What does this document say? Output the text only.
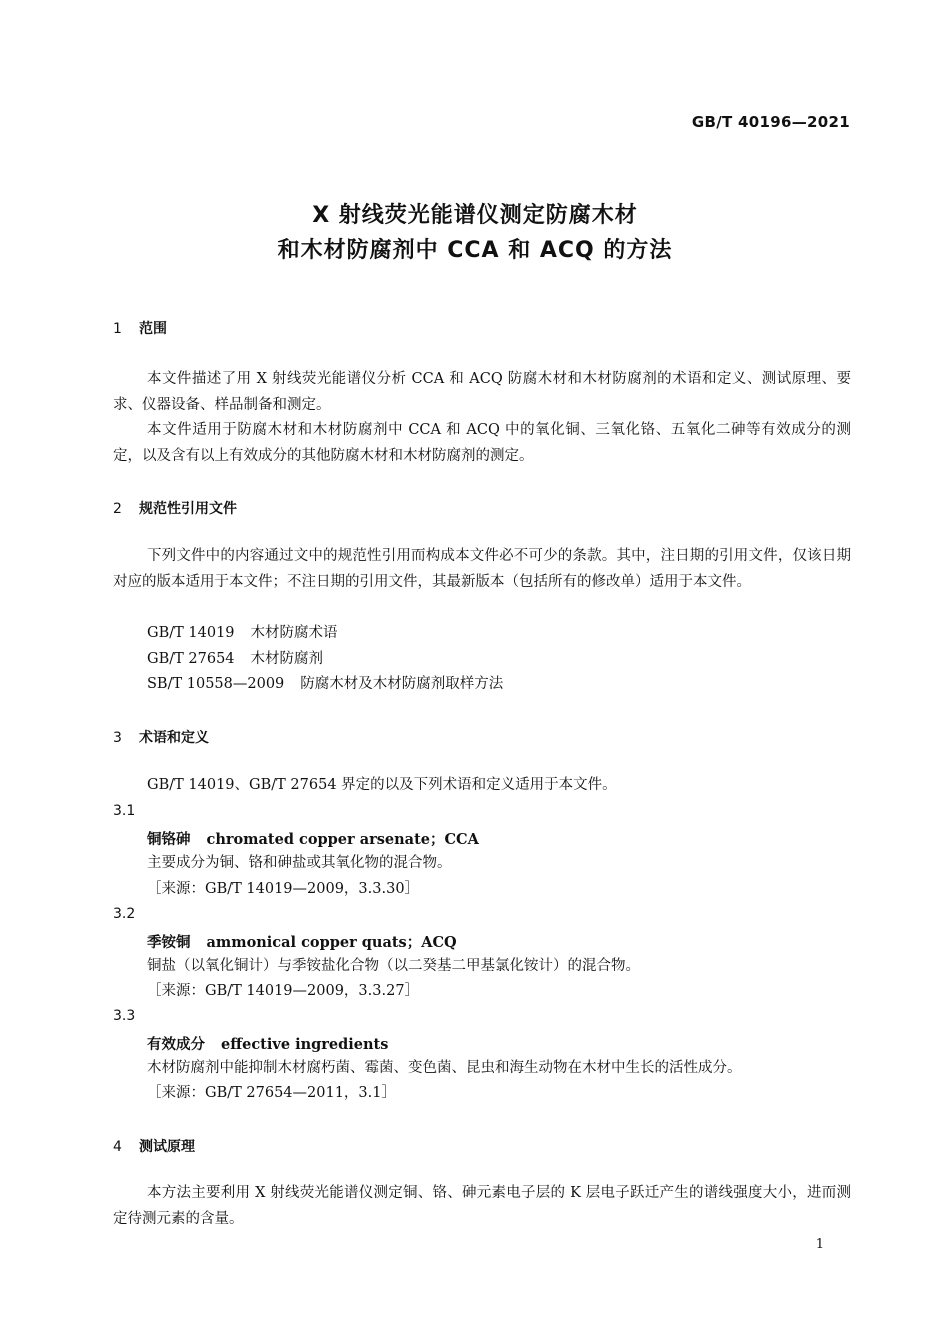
GB/T 40196—2021
X 射线荧光能谱仪测定防腐木材
和木材防腐剂中 CCA 和 ACQ 的方法
1 范围
本文件描述了用 X 射线荧光能谱仪分析 CCA 和 ACQ 防腐木材和木材防腐剂的术语和定义、测试原理、要求、仪器设备、样品制备和测定。
本文件适用于防腐木材和木材防腐剂中 CCA 和 ACQ 中的氧化铜、三氧化铬、五氧化二砷等有效成分的测定，以及含有以上有效成分的其他防腐木材和木材防腐剂的测定。
2 规范性引用文件
下列文件中的内容通过文中的规范性引用而构成本文件必不可少的条款。其中，注日期的引用文件，仅该日期对应的版本适用于本文件；不注日期的引用文件，其最新版本（包括所有的修改单）适用于本文件。
GB/T 14019 木材防腐术语
GB/T 27654 木材防腐剂
SB/T 10558—2009 防腐木材及木材防腐剂取样方法
3 术语和定义
GB/T 14019、GB/T 27654 界定的以及下列术语和定义适用于本文件。
3.1
铜铬砷 chromated copper arsenate；CCA
主要成分为铜、铬和砷盐或其氧化物的混合物。
［来源：GB/T 14019—2009，3.3.30］
3.2
季铵铜 ammonical copper quats；ACQ
铜盐（以氧化铜计）与季铵盐化合物（以二癸基二甲基氯化铵计）的混合物。
［来源：GB/T 14019—2009，3.3.27］
3.3
有效成分 effective ingredients
木材防腐剂中能抑制木材腐朽菌、霉菌、变色菌、昆虫和海生动物在木材中生长的活性成分。
［来源：GB/T 27654—2011，3.1］
4 测试原理
本方法主要利用 X 射线荧光能谱仪测定铜、铬、砷元素电子层的 K 层电子跃迁产生的谱线强度大小，进而测定待测元素的含量。
1
